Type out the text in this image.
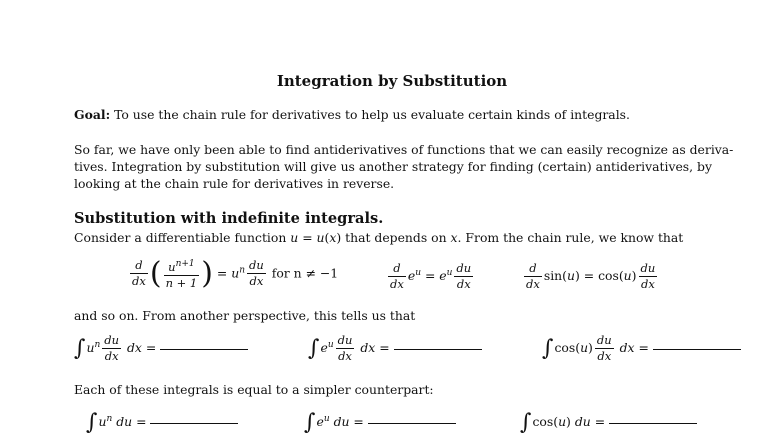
Integration by Substitution
Goal: To use the chain rule for derivatives to help us evaluate certain kinds of integrals.
So far, we have only been able to find antiderivatives of functions that we can easily recognize as deriva-
tives. Integration by substitution will give us another strategy for finding (certain) antiderivatives, by
looking at the chain rule for derivatives in reverse.
Substitution with indefinite integrals.
Consider a differentiable function u = u(x) that depends on x. From the chain rule, we know that
$\frac{d}{dx}$ ( $\frac{u^{n+1}}{n + 1}$ ) = $u^n \frac{du}{dx}$ for n ≠ −1	$\frac{d}{dx} e^u = e^u \frac{du}{dx}$	$\frac{d}{dx} \sin(u) = \cos(u) \frac{du}{dx}$
and so on. From another perspective, this tells us that
$\int u^n \frac{du}{dx}$ dx =	$\int e^u \frac{du}{dx}$ dx =	$\int\cos(u) \frac{du}{dx}$ dx =
Each of these integrals is equal to a simpler counterpart:
$\int u^n$ du =	$\int e^u$ du =	∫cos(u) du =
